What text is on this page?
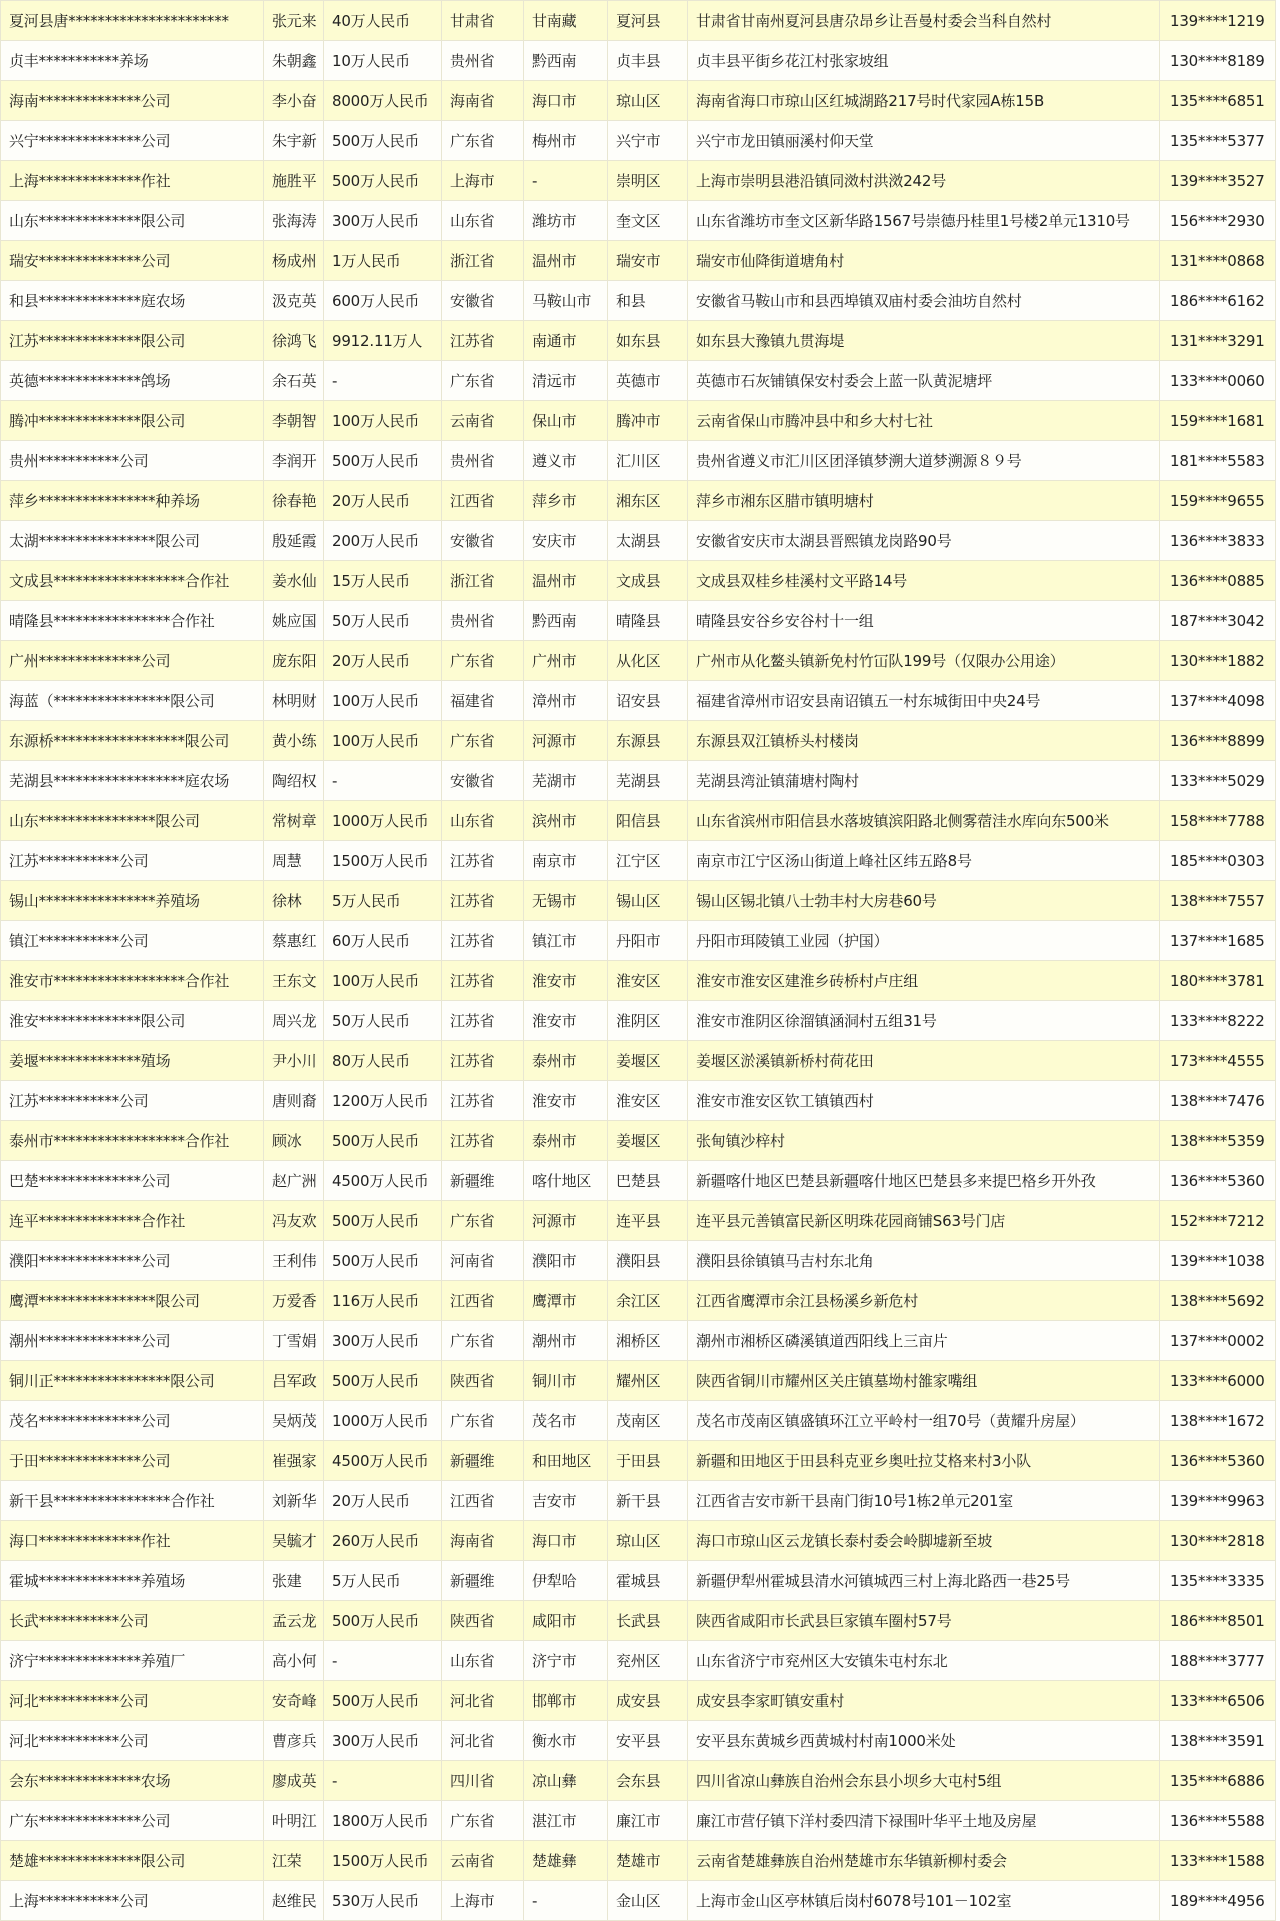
夏河县唐**********************	张元来	40万人民币	甘肃省	甘南藏	夏河县	甘肃省甘南州夏河县唐尕昂乡让吾曼村委会当科自然村	139****1219
贞丰***********养场	朱朝鑫	10万人民币	贵州省	黔西南	贞丰县	贞丰县平街乡花江村张家坡组	130****8189
海南**************公司	李小奋	8000万人民币	海南省	海口市	琼山区	海南省海口市琼山区红城湖路217号时代家园A栋15B	135****6851
兴宁**************公司	朱宇新	500万人民币	广东省	梅州市	兴宁市	兴宁市龙田镇丽溪村仰天堂	135****5377
上海**************作社	施胜平	500万人民币	上海市	-	崇明区	上海市崇明县港沿镇同滧村洪滧242号	139****3527
山东**************限公司	张海涛	300万人民币	山东省	潍坊市	奎文区	山东省潍坊市奎文区新华路1567号崇德丹桂里1号楼2单元1310号	156****2930
瑞安**************公司	杨成州	1万人民币	浙江省	温州市	瑞安市	瑞安市仙降街道塘角村	131****0868
和县**************庭农场	汲克英	600万人民币	安徽省	马鞍山市	和县	安徽省马鞍山市和县西埠镇双庙村委会油坊自然村	186****6162
江苏**************限公司	徐鸿飞	9912.11万人	江苏省	南通市	如东县	如东县大豫镇九贯海堤	131****3291
英德**************鸽场	余石英	-	广东省	清远市	英德市	英德市石灰铺镇保安村委会上蓝一队黄泥塘坪	133****0060
腾冲**************限公司	李朝智	100万人民币	云南省	保山市	腾冲市	云南省保山市腾冲县中和乡大村七社	159****1681
贵州***********公司	李润开	500万人民币	贵州省	遵义市	汇川区	贵州省遵义市汇川区团泽镇梦溯大道梦溯源８９号	181****5583
萍乡****************种养场	徐春艳	20万人民币	江西省	萍乡市	湘东区	萍乡市湘东区腊市镇明塘村	159****9655
太湖****************限公司	殷延霞	200万人民币	安徽省	安庆市	太湖县	安徽省安庆市太湖县晋熙镇龙岗路90号	136****3833
文成县******************合作社	姜水仙	15万人民币	浙江省	温州市	文成县	文成县双桂乡桂溪村文平路14号	136****0885
晴隆县****************合作社	姚应国	50万人民币	贵州省	黔西南	晴隆县	晴隆县安谷乡安谷村十一组	187****3042
广州**************公司	庞东阳	20万人民币	广东省	广州市	从化区	广州市从化鳌头镇新免村竹冚队199号（仅限办公用途）	130****1882
海蓝（****************限公司	林明财	100万人民币	福建省	漳州市	诏安县	福建省漳州市诏安县南诏镇五一村东城街田中央24号	137****4098
东源桥******************限公司	黄小练	100万人民币	广东省	河源市	东源县	东源县双江镇桥头村楼岗	136****8899
芜湖县******************庭农场	陶绍权	-	安徽省	芜湖市	芜湖县	芜湖县湾沚镇蒲塘村陶村	133****5029
山东****************限公司	常树章	1000万人民币	山东省	滨州市	阳信县	山东省滨州市阳信县水落坡镇滨阳路北侧雾蓿洼水库向东500米	158****7788
江苏***********公司	周慧	1500万人民币	江苏省	南京市	江宁区	南京市江宁区汤山街道上峰社区纬五路8号	185****0303
锡山****************养殖场	徐林	5万人民币	江苏省	无锡市	锡山区	锡山区锡北镇八士勃丰村大房巷60号	138****7557
镇江***********公司	蔡惠红	60万人民币	江苏省	镇江市	丹阳市	丹阳市珥陵镇工业园（护国）	137****1685
淮安市******************合作社	王东文	100万人民币	江苏省	淮安市	淮安区	淮安市淮安区建淮乡砖桥村卢庄组	180****3781
淮安**************限公司	周兴龙	50万人民币	江苏省	淮安市	淮阴区	淮安市淮阴区徐溜镇涵洞村五组31号	133****8222
姜堰**************殖场	尹小川	80万人民币	江苏省	泰州市	姜堰区	姜堰区淤溪镇新桥村荷花田	173****4555
江苏***********公司	唐则裔	1200万人民币	江苏省	淮安市	淮安区	淮安市淮安区钦工镇镇西村	138****7476
泰州市******************合作社	顾冰	500万人民币	江苏省	泰州市	姜堰区	张甸镇沙梓村	138****5359
巴楚**************公司	赵广洲	4500万人民币	新疆维	喀什地区	巴楚县	新疆喀什地区巴楚县新疆喀什地区巴楚县多来提巴格乡开外孜	136****5360
连平**************合作社	冯友欢	500万人民币	广东省	河源市	连平县	连平县元善镇富民新区明珠花园商铺S63号门店	152****7212
濮阳**************公司	王利伟	500万人民币	河南省	濮阳市	濮阳县	濮阳县徐镇镇马吉村东北角	139****1038
鹰潭****************限公司	万爱香	116万人民币	江西省	鹰潭市	余江区	江西省鹰潭市余江县杨溪乡新危村	138****5692
潮州**************公司	丁雪娟	300万人民币	广东省	潮州市	湘桥区	潮州市湘桥区磷溪镇道西阳线上三亩片	137****0002
铜川正****************限公司	吕军政	500万人民币	陕西省	铜川市	耀州区	陕西省铜川市耀州区关庄镇墓坳村雒家嘴组	133****6000
茂名**************公司	吴炳茂	1000万人民币	广东省	茂名市	茂南区	茂名市茂南区镇盛镇环江立平岭村一组70号（黄耀升房屋）	138****1672
于田**************公司	崔强家	4500万人民币	新疆维	和田地区	于田县	新疆和田地区于田县科克亚乡奥吐拉艾格来村3小队	136****5360
新干县****************合作社	刘新华	20万人民币	江西省	吉安市	新干县	江西省吉安市新干县南门街10号1栋2单元201室	139****9963
海口**************作社	吴毓才	260万人民币	海南省	海口市	琼山区	海口市琼山区云龙镇长泰村委会岭脚墟新至坡	130****2818
霍城**************养殖场	张建	5万人民币	新疆维	伊犁哈	霍城县	新疆伊犁州霍城县清水河镇城西三村上海北路西一巷25号	135****3335
长武***********公司	孟云龙	500万人民币	陕西省	咸阳市	长武县	陕西省咸阳市长武县巨家镇车圈村57号	186****8501
济宁**************养殖厂	高小何	-	山东省	济宁市	兖州区	山东省济宁市兖州区大安镇朱屯村东北	188****3777
河北***********公司	安奇峰	500万人民币	河北省	邯郸市	成安县	成安县李家町镇安重村	133****6506
河北***********公司	曹彦兵	300万人民币	河北省	衡水市	安平县	安平县东黄城乡西黄城村村南1000米处	138****3591
会东**************农场	廖成英	-	四川省	凉山彝	会东县	四川省凉山彝族自治州会东县小坝乡大屯村5组	135****6886
广东**************公司	叶明江	1800万人民币	广东省	湛江市	廉江市	廉江市营仔镇下洋村委四清下禄围叶华平土地及房屋	136****5588
楚雄**************限公司	江荣	1500万人民币	云南省	楚雄彝	楚雄市	云南省楚雄彝族自治州楚雄市东华镇新柳村委会	133****1588
上海***********公司	赵维民	530万人民币	上海市	-	金山区	上海市金山区亭林镇后岗村6078号101－102室	189****4956
